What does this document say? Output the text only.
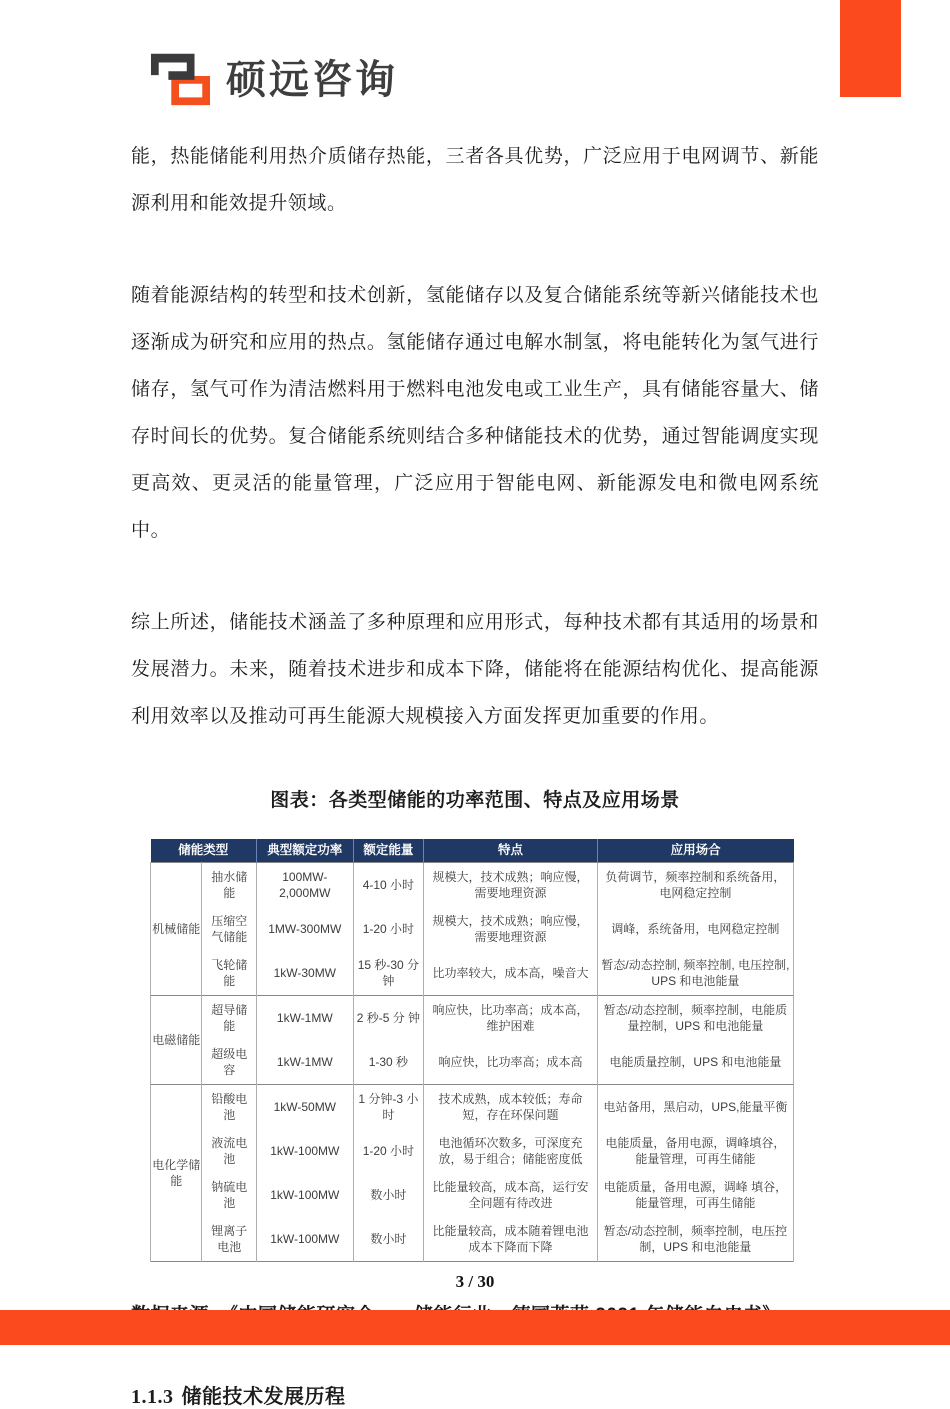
硕远咨询

能，热能储能利用热介质储存热能，三者各具优势，广泛应用于电网调节、新能源利用和能效提升领域。

随着能源结构的转型和技术创新，氢能储存以及复合储能系统等新兴储能技术也逐渐成为研究和应用的热点。氢能储存通过电解水制氢，将电能转化为氢气进行储存，氢气可作为清洁燃料用于燃料电池发电或工业生产，具有储能容量大、储存时间长的优势。复合储能系统则结合多种储能技术的优势，通过智能调度实现更高效、更灵活的能量管理，广泛应用于智能电网、新能源发电和微电网系统中。

综上所述，储能技术涵盖了多种原理和应用形式，每种技术都有其适用的场景和发展潜力。未来，随着技术进步和成本下降，储能将在能源结构优化、提高能源利用效率以及推动可再生能源大规模接入方面发挥更加重要的作用。

图表：各类型储能的功率范围、特点及应用场景
储能类型		典型额定功率	额定能量	特点	应用场合
机械储能	抽水储能	100MW-2,000MW	4-10 小时	规模大，技术成熟；响应慢，需要地理资源	负荷调节，频率控制和系统备用，电网稳定控制
	压缩空气储能	1MW-300MW	1-20 小时	规模大，技术成熟；响应慢，需要地理资源	调峰，系统备用，电网稳定控制
	飞轮储能	1kW-30MW	15 秒-30 分钟	比功率较大，成本高，噪音大	暂态/动态控制, 频率控制, 电压控制, UPS 和电池能量
电磁储能	超导储能	1kW-1MW	2 秒-5 分 钟	响应快，比功率高；成本高，维护困难	暂态/动态控制，频率控制，电能质量控制，UPS 和电池能量
	超级电容	1kW-1MW	1-30 秒	响应快，比功率高；成本高	电能质量控制，UPS 和电池能量
电化学储能	铅酸电池	1kW-50MW	1 分钟-3 小时	技术成熟，成本较低；寿命短，存在环保问题	电站备用，黑启动，UPS,能量平衡
	液流电池	1kW-100MW	1-20 小时	电池循环次数多，可深度充放，易于组合；储能密度低	电能质量，备用电源，调峰填谷，能量管理，可再生储能
	钠硫电池	1kW-100MW	数小时	比能量较高，成本高，运行安全问题有待改进	电能质量，备用电源，调峰 填谷，能量管理，可再生储能
	锂离子电池	1kW-100MW	数小时	比能量较高，成本随着锂电池成本下降而下降	暂态/动态控制，频率控制，电压控制，UPS 和电池能量

1.1.3 储能技术发展历程
3 / 30
